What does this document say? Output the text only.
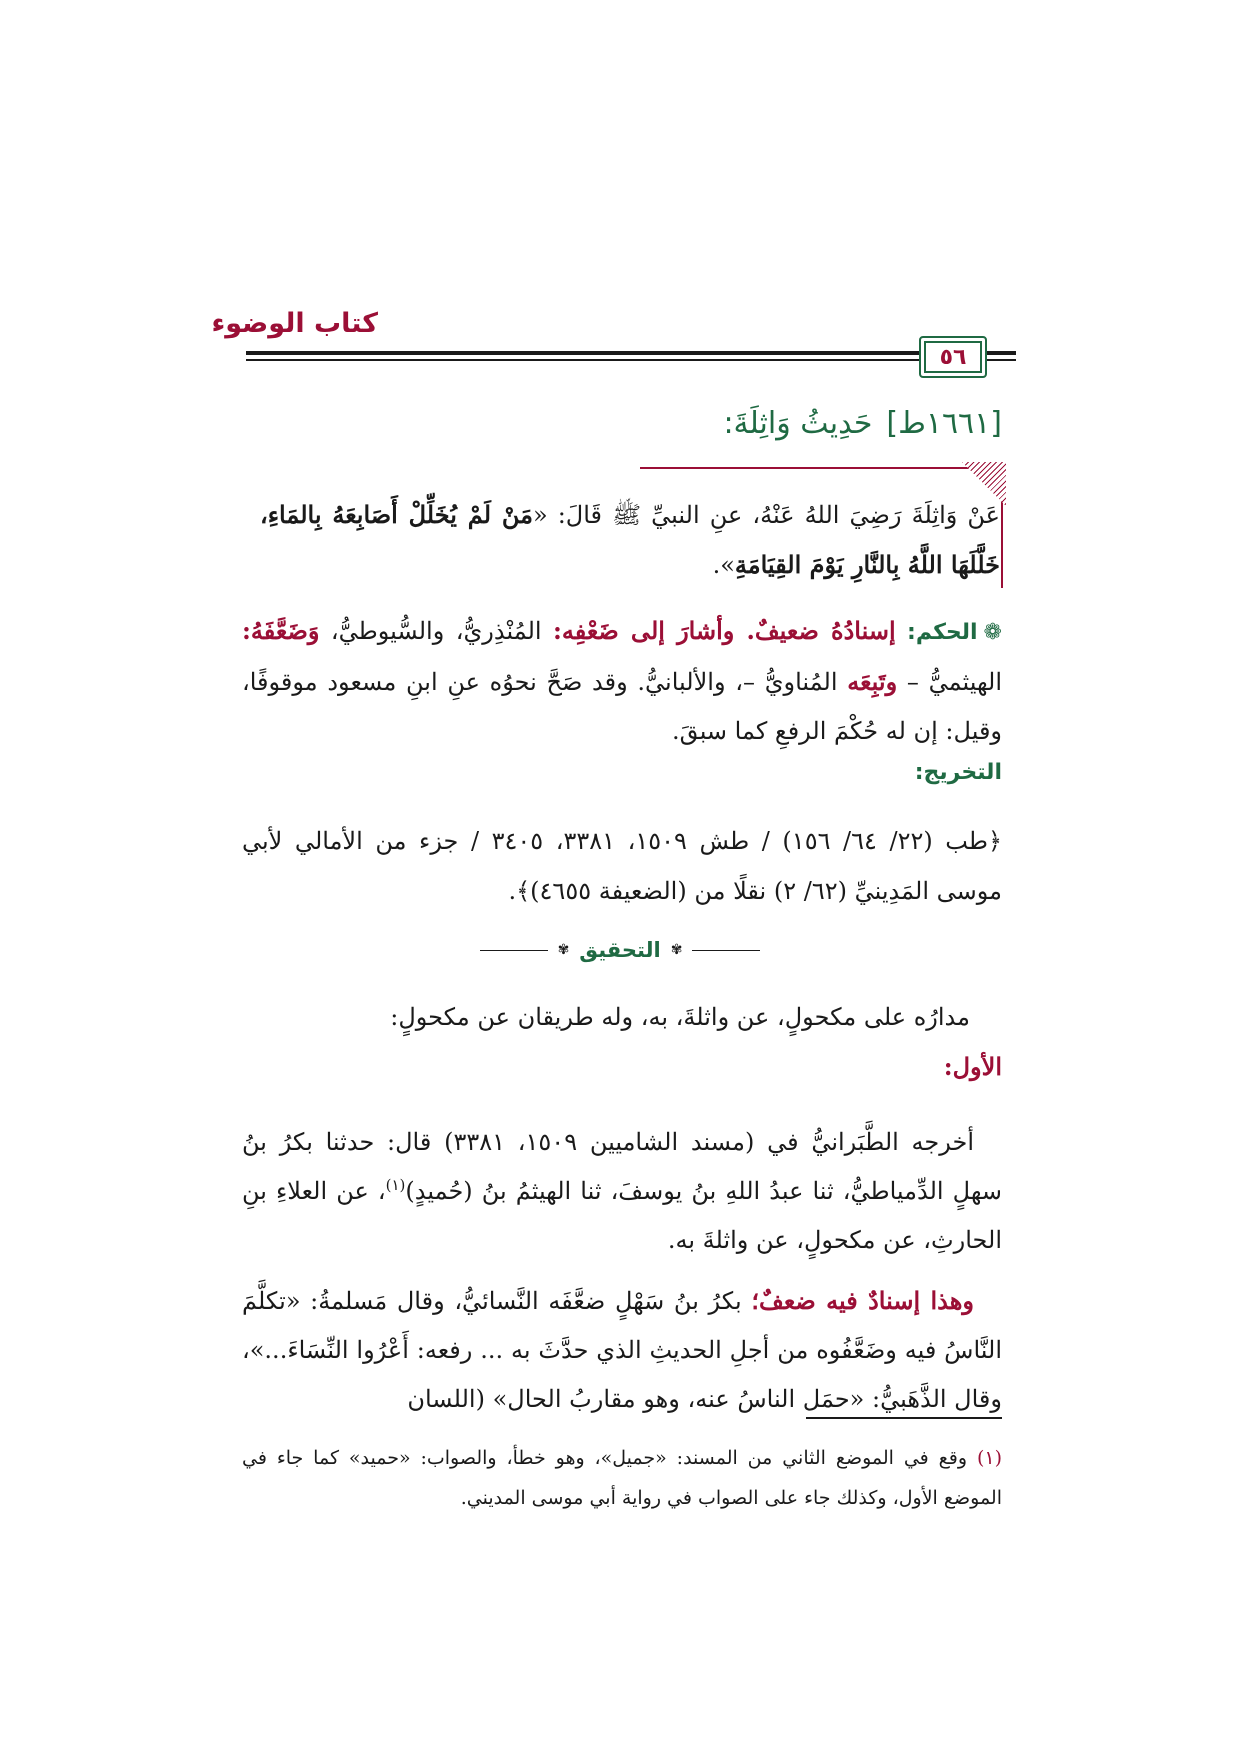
كتاب الوضوء
٥٦
[١٦٦١ط]حَدِيثُ وَاثِلَةَ:
عَنْ وَاثِلَةَ رَضِيَ اللهُ عَنْهُ، عنِ النبيِّ ﷺ قَالَ: «مَنْ لَمْ يُخَلِّلْ أَصَابِعَهُ بِالمَاءِ، خَلَّلَهَا اللَّهُ بِالنَّارِ يَوْمَ القِيَامَةِ».
❁الحكم: إسنادُهُ ضعيفٌ. وأشارَ إلى ضَعْفِه: المُنْذِريُّ، والسُّيوطيُّ، وَضَعَّفَهُ: الهيثميُّ – وتَبِعَه المُناويُّ –، والألبانيُّ. وقد صَحَّ نحوُه عنِ ابنِ مسعود موقوفًا، وقيل: إن له حُكْمَ الرفعِ كما سبقَ.
التخريج:
﴿طب (٢٢/ ٦٤/ ١٥٦) / طش ١٥٠٩، ٣٣٨١، ٣٤٠٥ / جزء من الأمالي لأبي موسى المَدِينيِّ (٦٢/ ٢) نقلًا من (الضعيفة ٤٦٥٥)﴾.
✾
التحقيق
✾
مدارُه على مكحولٍ، عن واثلةَ، به، وله طريقان عن مكحولٍ:
الأول:
أخرجه الطَّبَرانيُّ في (مسند الشاميين ١٥٠٩، ٣٣٨١) قال: حدثنا بكرُ بنُ سهلٍ الدِّمياطيُّ، ثنا عبدُ اللهِ بنُ يوسفَ، ثنا الهيثمُ بنُ (حُميدٍ)$^{(١)}$، عن العلاءِ بنِ الحارثِ، عن مكحولٍ، عن واثلةَ به.
وهذا إسنادٌ فيه ضعفٌ؛ بكرُ بنُ سَهْلٍ ضعَّفَه النَّسائيُّ، وقال مَسلمةُ: «تكلَّمَ النَّاسُ فيه وضَعَّفُوه من أجلِ الحديثِ الذي حدَّثَ به ... رفعه: أَعْرُوا النِّسَاءَ...»، وقال الذَّهَبيُّ: «حمَل الناسُ عنه، وهو مقاربُ الحال» (اللسان
(١) وقع في الموضع الثاني من المسند: «جميل»، وهو خطأ، والصواب: «حميد» كما جاء في الموضع الأول، وكذلك جاء على الصواب في رواية أبي موسى المديني.
